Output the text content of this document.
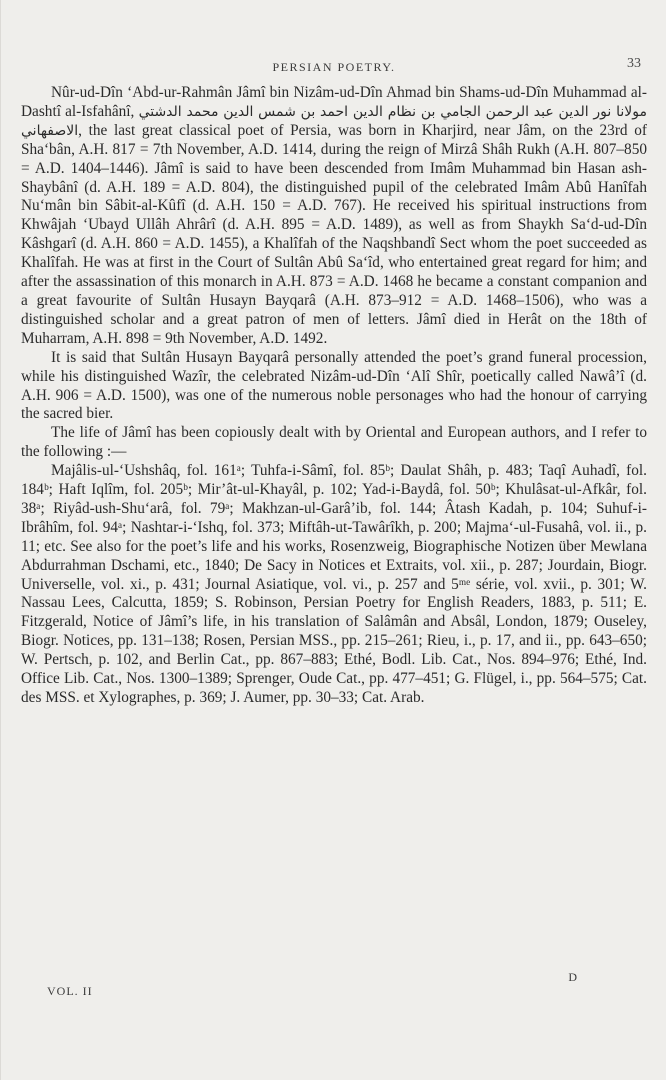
PERSIAN POETRY.	33

Nûr-ud-Dîn ‘Abd-ur-Rahmân Jâmî bin Nizâm-ud-Dîn Ahmad bin Shams-ud-Dîn Muhammad al-Dashtî al-Isfahânî, مولانا نور الدين عبد الرحمن الجامي بن نظام الدين احمد بن شمس الدين محمد الدشتي الاصفهاني, the last great classical poet of Persia, was born in Kharjird, near Jâm, on the 23rd of Sha‘bân, A.H. 817 = 7th November, A.D. 1414, during the reign of Mirzâ Shâh Rukh (A.H. 807–850 = A.D. 1404–1446). Jâmî is said to have been descended from Imâm Muhammad bin Hasan ash-Shaybânî (d. A.H. 189 = A.D. 804), the distinguished pupil of the celebrated Imâm Abû Hanîfah Nu‘mân bin Sâbit-al-Kûfî (d. A.H. 150 = A.D. 767). He received his spiritual instructions from Khwâjah ‘Ubayd Ullâh Ahrârî (d. A.H. 895 = A.D. 1489), as well as from Shaykh Sa‘d-ud-Dîn Kâshgarî (d. A.H. 860 = A.D. 1455), a Khalîfah of the Naqshbandî Sect whom the poet succeeded as Khalîfah. He was at first in the Court of Sultân Abû Sa‘îd, who entertained great regard for him; and after the assassination of this monarch in A.H. 873 = A.D. 1468 he became a constant companion and a great favourite of Sultân Husayn Bayqarâ (A.H. 873–912 = A.D. 1468–1506), who was a distinguished scholar and a great patron of men of letters. Jâmî died in Herât on the 18th of Muharram, A.H. 898 = 9th November, A.D. 1492.

It is said that Sultân Husayn Bayqarâ personally attended the poet’s grand funeral procession, while his distinguished Wazîr, the celebrated Nizâm-ud-Dîn ‘Alî Shîr, poetically called Nawâ’î (d. A.H. 906 = A.D. 1500), was one of the numerous noble personages who had the honour of carrying the sacred bier.

The life of Jâmî has been copiously dealt with by Oriental and European authors, and I refer to the following :—

Majâlis-ul-‘Ushshâq, fol. 161ᵃ; Tuhfa-i-Sâmî, fol. 85ᵇ; Daulat Shâh, p. 483; Taqî Auhadî, fol. 184ᵇ; Haft Iqlîm, fol. 205ᵇ; Mir’ât-ul-Khayâl, p. 102; Yad-i-Baydâ, fol. 50ᵇ; Khulâsat-ul-Afkâr, fol. 38ᵃ; Riyâd-ush-Shu‘arâ, fol. 79ᵃ; Makhzan-ul-Garâ’ib, fol. 144; Âtash Kadah, p. 104; Suhuf-i-Ibrâhîm, fol. 94ᵃ; Nashtar-i-‘Ishq, fol. 373; Miftâh-ut-Tawârîkh, p. 200; Majma‘-ul-Fusahâ, vol. ii., p. 11; etc. See also for the poet’s life and his works, Rosenzweig, Biographische Notizen über Mewlana Abdurrahman Dschami, etc., 1840; De Sacy in Notices et Extraits, vol. xii., p. 287; Jourdain, Biogr. Universelle, vol. xi., p. 431; Journal Asiatique, vol. vi., p. 257 and 5ᵐᵉ série, vol. xvii., p. 301; W. Nassau Lees, Calcutta, 1859; S. Robinson, Persian Poetry for English Readers, 1883, p. 511; E. Fitzgerald, Notice of Jâmî’s life, in his translation of Salâmân and Absâl, London, 1879; Ouseley, Biogr. Notices, pp. 131–138; Rosen, Persian MSS., pp. 215–261; Rieu, i., p. 17, and ii., pp. 643–650; W. Pertsch, p. 102, and Berlin Cat., pp. 867–883; Ethé, Bodl. Lib. Cat., Nos. 894–976; Ethé, Ind. Office Lib. Cat., Nos. 1300–1389; Sprenger, Oude Cat., pp. 477–451; G. Flügel, i., pp. 564–575; Cat. des MSS. et Xylographes, p. 369; J. Aumer, pp. 30–33; Cat. Arab.

VOL. II
D
